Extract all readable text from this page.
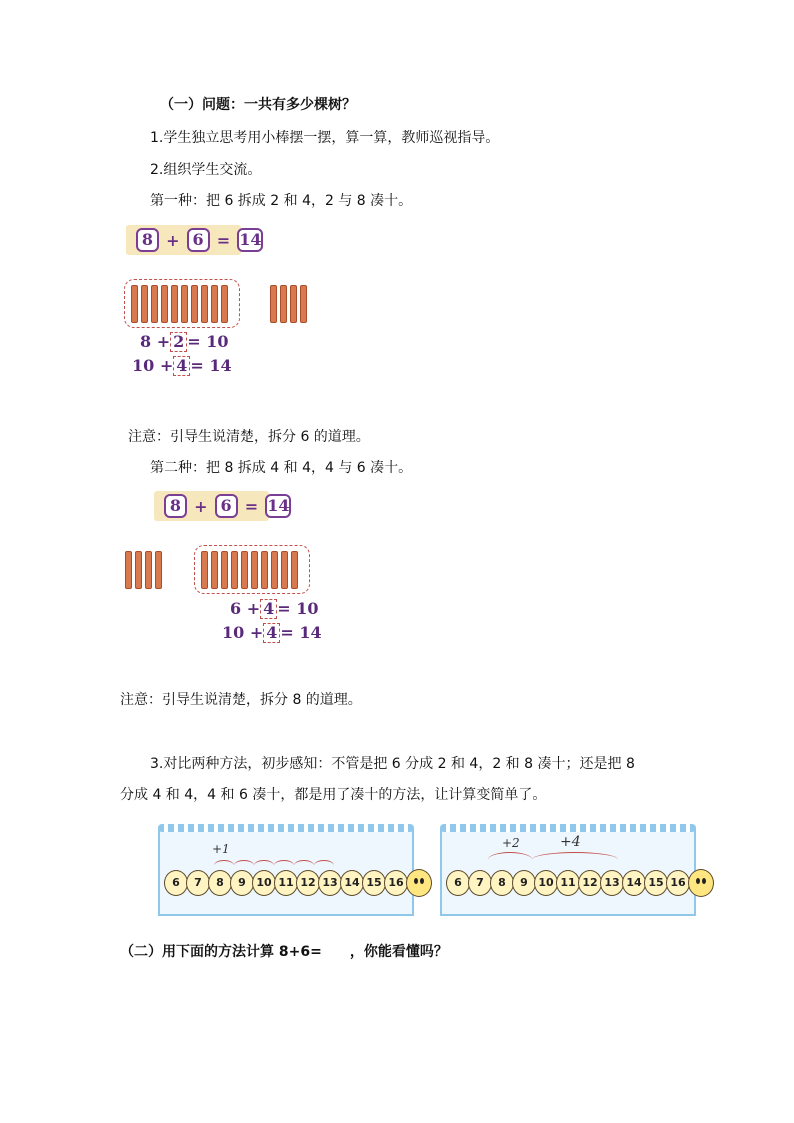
（一）问题：一共有多少棵树？
1.学生独立思考用小棒摆一摆，算一算，教师巡视指导。
2.组织学生交流。
第一种：把 6 拆成 2 和 4，2 与 8 凑十。
8 + 6 = 14
8 + 2 = 10
10 + 4 = 14
注意：引导生说清楚，拆分 6 的道理。
第二种：把 8 拆成 4 和 4，4 与 6 凑十。
8 + 6 = 14
6 + 4 = 10
10 + 4 = 14
注意：引导生说清楚，拆分 8 的道理。
3.对比两种方法，初步感知：不管是把 6 分成 2 和 4，2 和 8 凑十；还是把 8
分成 4 和 4，4 和 6 凑十，都是用了凑十的方法，让计算变简单了。
+1
6	7	8	9 10 11 12 13 14 15 16
+2	+4
6	7	8	9 10 11 12 13 14 15 16
（二）用下面的方法计算 8+6=　　，你能看懂吗？
